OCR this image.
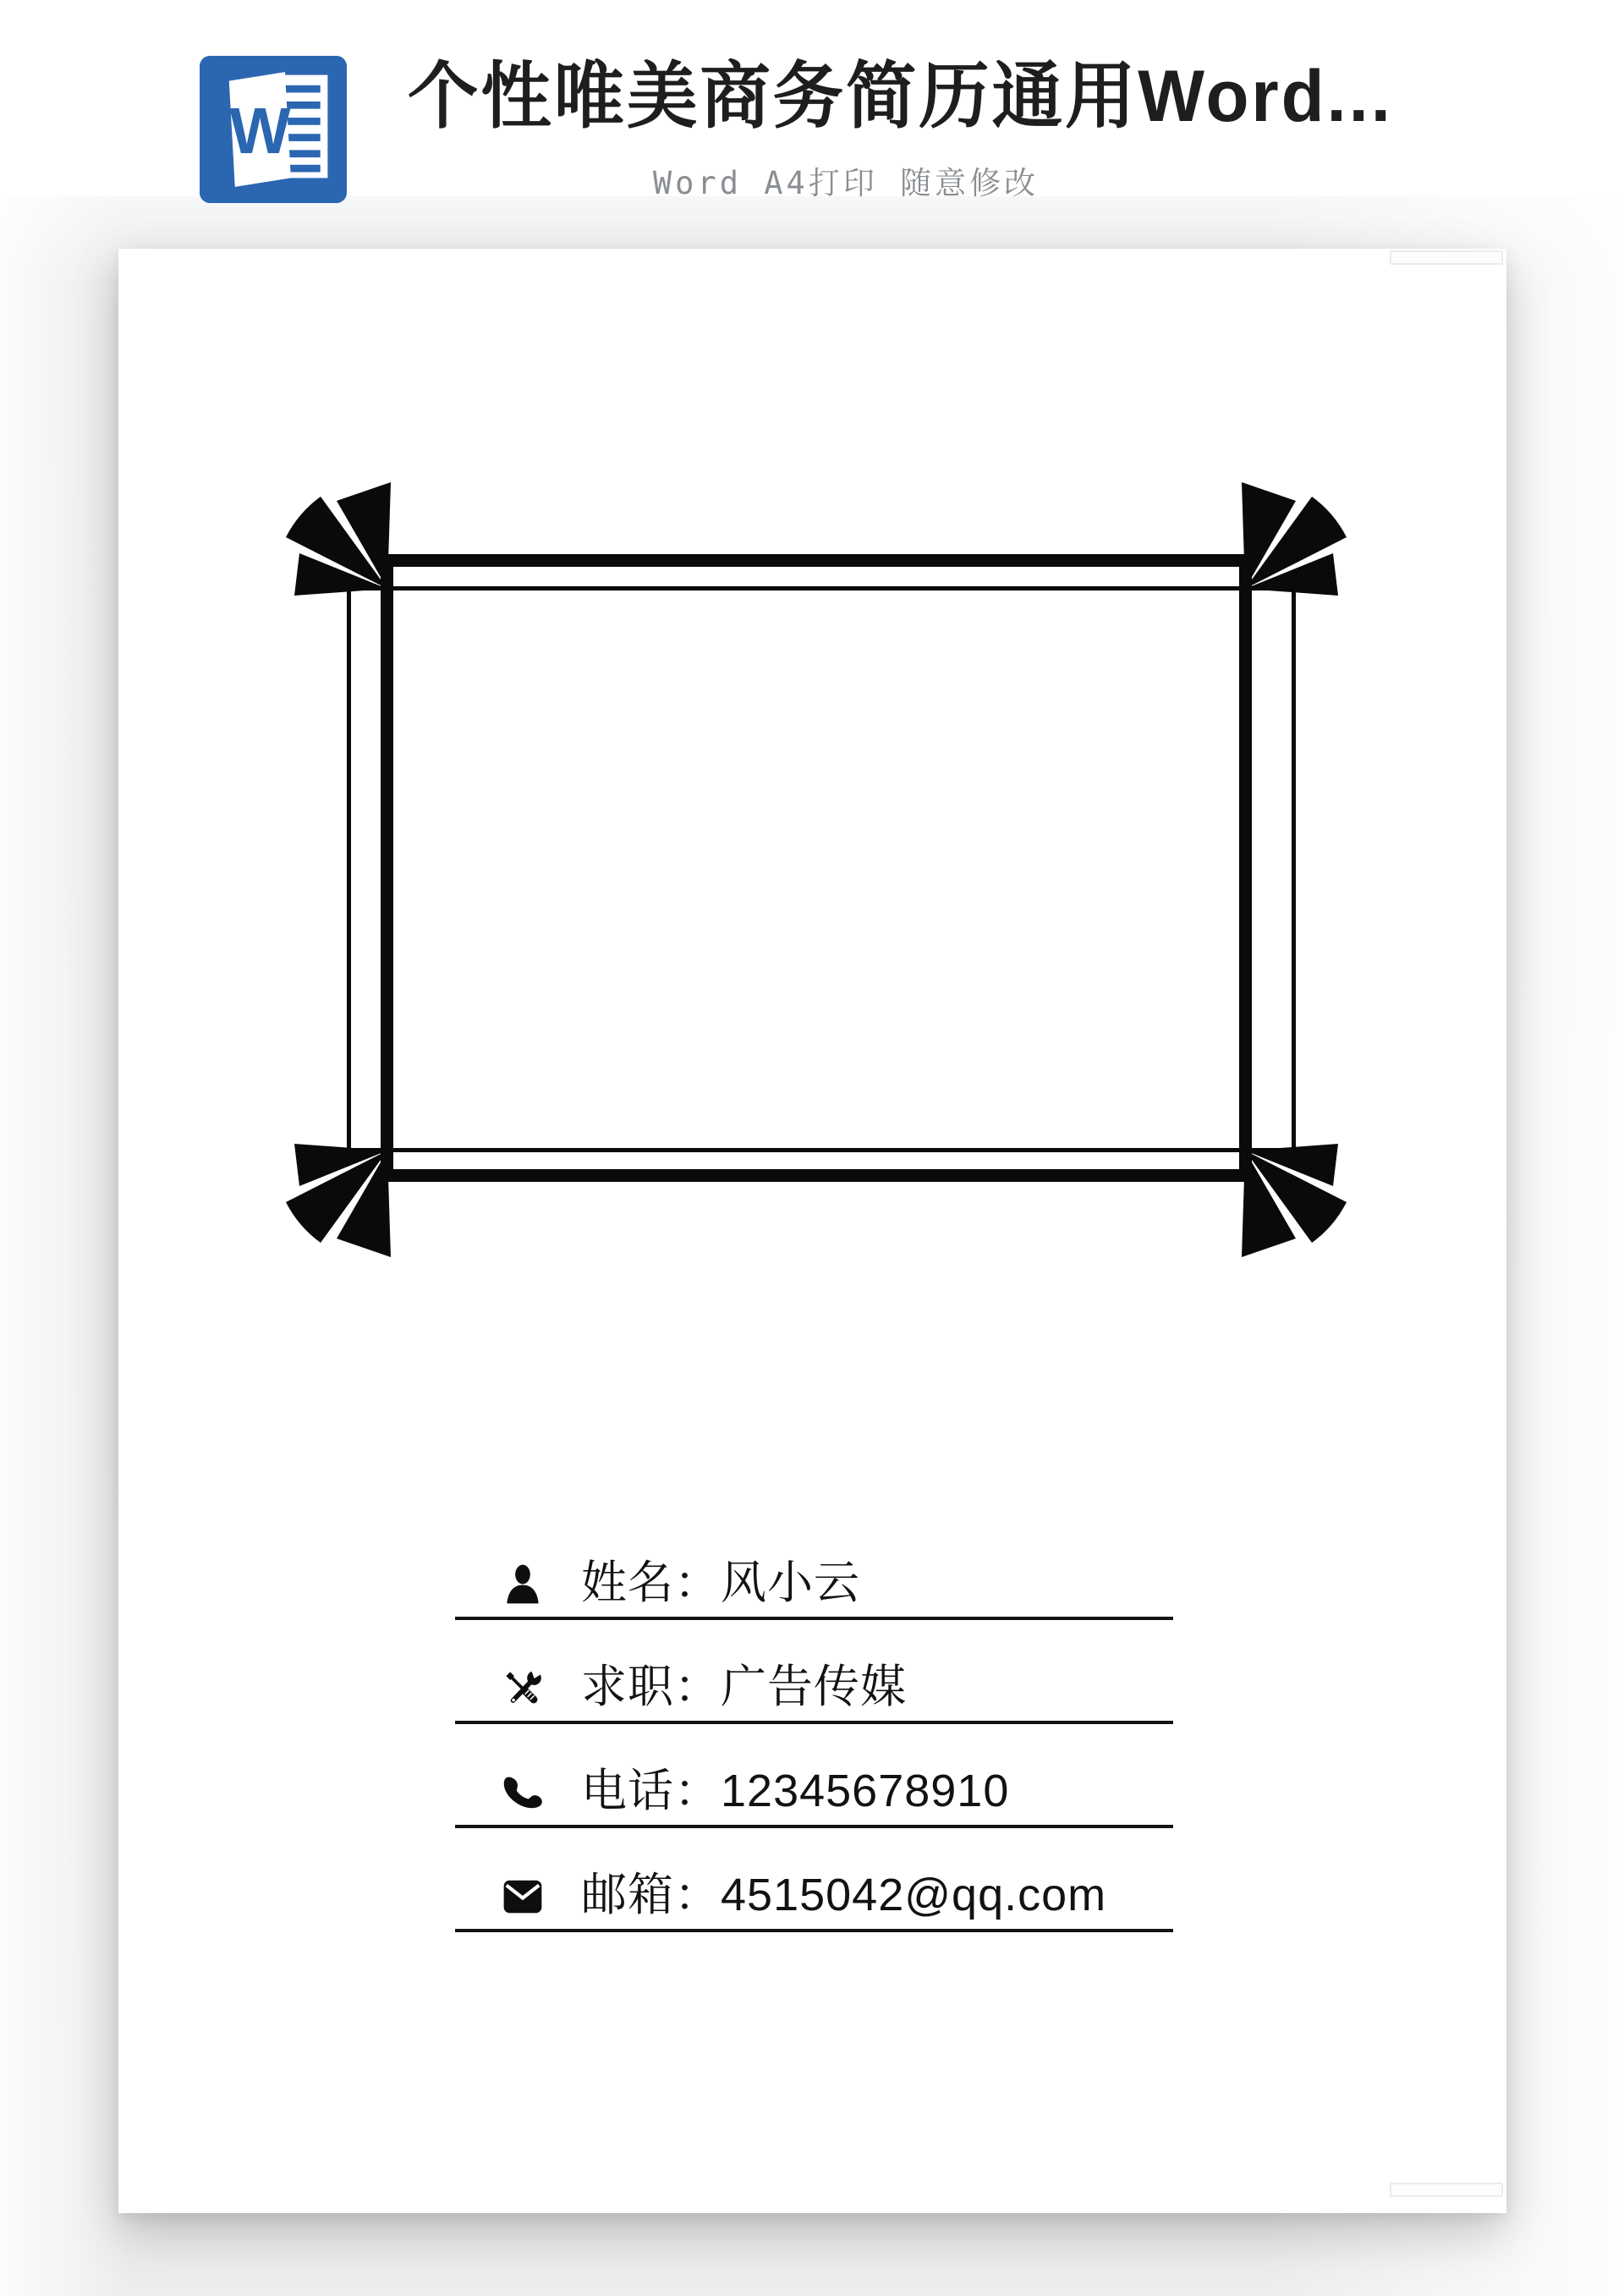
W 个性唯美商务简历通用Word...
Word A4打印 随意修改
姓名：风小云
求职：广告传媒
电话：12345678910
邮箱：4515042@qq.com
